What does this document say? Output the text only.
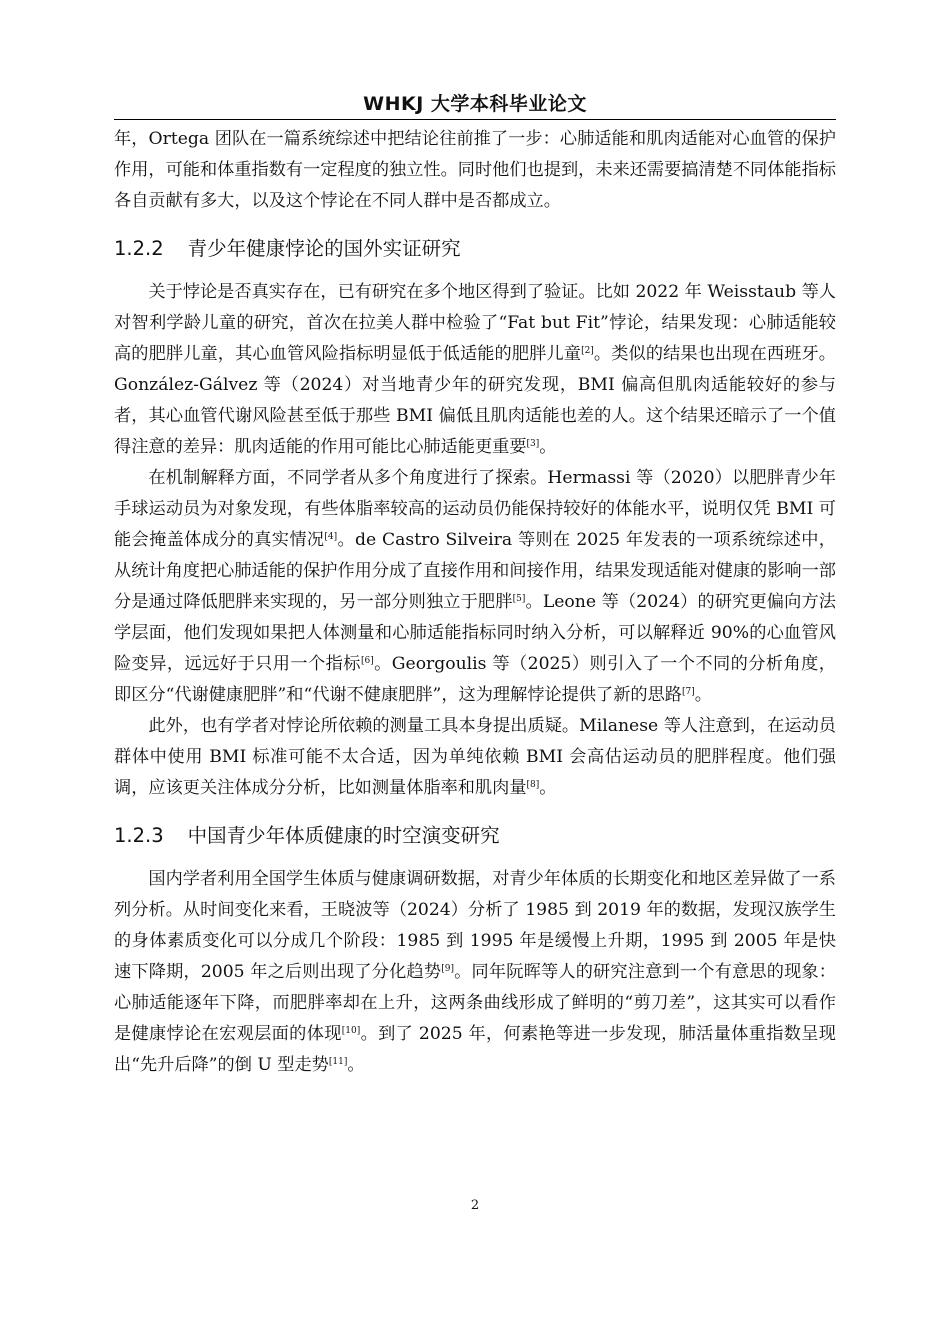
WHKJ 大学本科毕业论文

年，Ortega 团队在一篇系统综述中把结论往前推了一步：心肺适能和肌肉适能对心血管的保护作用，可能和体重指数有一定程度的独立性。同时他们也提到，未来还需要搞清楚不同体能指标各自贡献有多大，以及这个悖论在不同人群中是否都成立。

1.2.2 青少年健康悖论的国外实证研究

关于悖论是否真实存在，已有研究在多个地区得到了验证。比如 2022 年 Weisstaub 等人对智利学龄儿童的研究，首次在拉美人群中检验了“Fat but Fit”悖论，结果发现：心肺适能较高的肥胖儿童，其心血管风险指标明显低于低适能的肥胖儿童[2]。类似的结果也出现在西班牙。González-Gálvez 等（2024）对当地青少年的研究发现，BMI 偏高但肌肉适能较好的参与者，其心血管代谢风险甚至低于那些 BMI 偏低且肌肉适能也差的人。这个结果还暗示了一个值得注意的差异：肌肉适能的作用可能比心肺适能更重要[3]。

在机制解释方面，不同学者从多个角度进行了探索。Hermassi 等（2020）以肥胖青少年手球运动员为对象发现，有些体脂率较高的运动员仍能保持较好的体能水平，说明仅凭 BMI 可能会掩盖体成分的真实情况[4]。de Castro Silveira 等则在 2025 年发表的一项系统综述中，从统计角度把心肺适能的保护作用分成了直接作用和间接作用，结果发现适能对健康的影响一部分是通过降低肥胖来实现的，另一部分则独立于肥胖[5]。Leone 等（2024）的研究更偏向方法学层面，他们发现如果把人体测量和心肺适能指标同时纳入分析，可以解释近 90%的心血管风险变异，远远好于只用一个指标[6]。Georgoulis 等（2025）则引入了一个不同的分析角度，即区分“代谢健康肥胖”和“代谢不健康肥胖”，这为理解悖论提供了新的思路[7]。

此外，也有学者对悖论所依赖的测量工具本身提出质疑。Milanese 等人注意到，在运动员群体中使用 BMI 标准可能不太合适，因为单纯依赖 BMI 会高估运动员的肥胖程度。他们强调，应该更关注体成分分析，比如测量体脂率和肌肉量[8]。

1.2.3 中国青少年体质健康的时空演变研究

国内学者利用全国学生体质与健康调研数据，对青少年体质的长期变化和地区差异做了一系列分析。从时间变化来看，王晓波等（2024）分析了 1985 到 2019 年的数据，发现汉族学生的身体素质变化可以分成几个阶段：1985 到 1995 年是缓慢上升期，1995 到 2005 年是快速下降期，2005 年之后则出现了分化趋势[9]。同年阮晖等人的研究注意到一个有意思的现象：心肺适能逐年下降，而肥胖率却在上升，这两条曲线形成了鲜明的“剪刀差”，这其实可以看作是健康悖论在宏观层面的体现[10]。到了 2025 年，何素艳等进一步发现，肺活量体重指数呈现出“先升后降”的倒 U 型走势[11]。

2
